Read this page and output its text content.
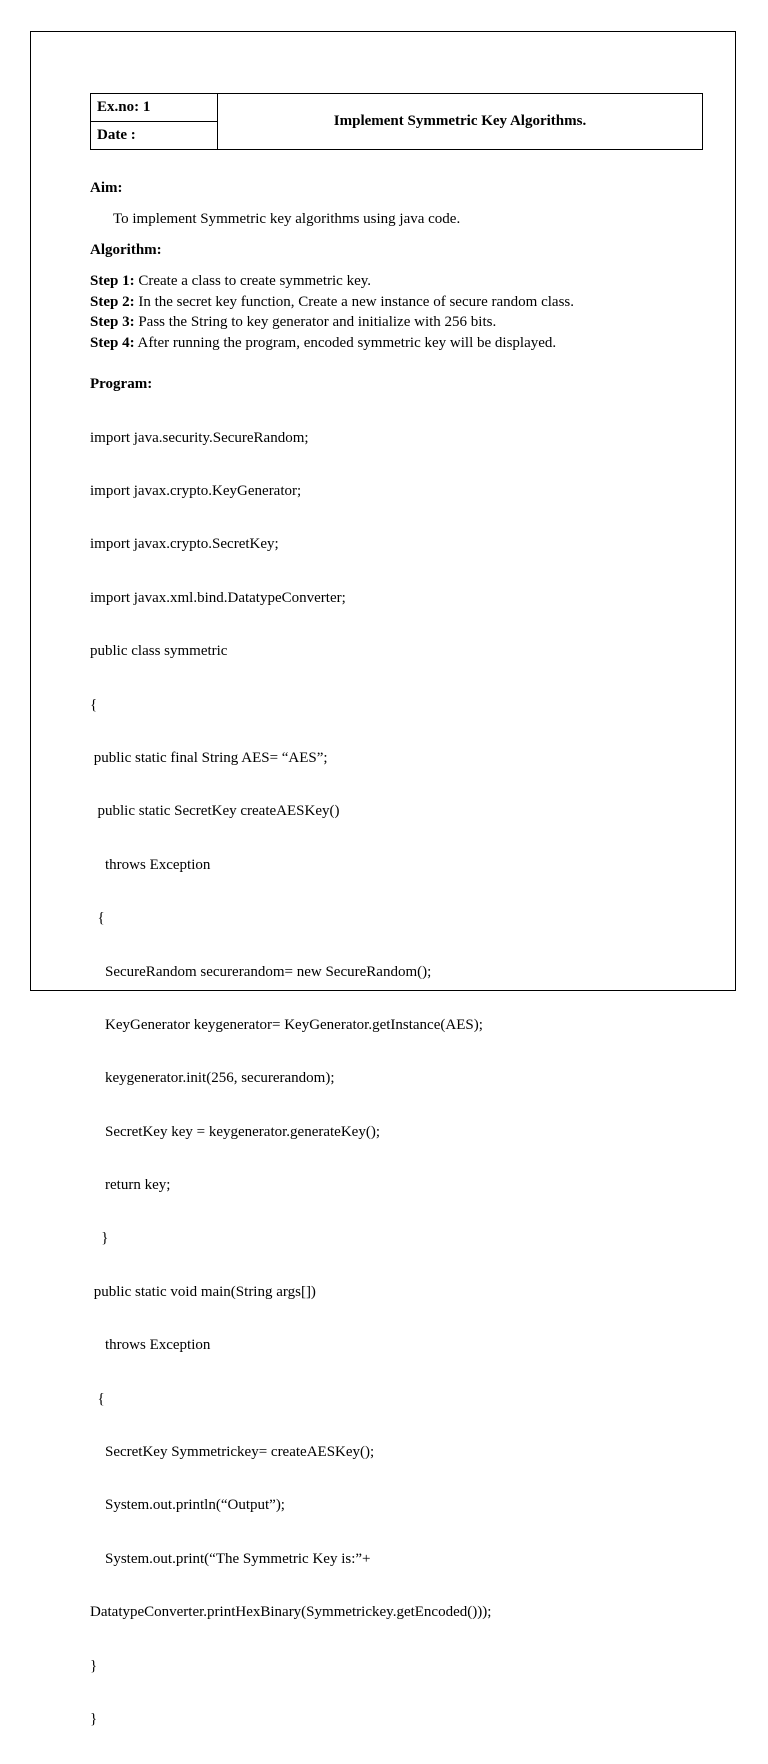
Ex.no: 1	Implement Symmetric Key Algorithms.
Date :

Aim:

To implement Symmetric key algorithms using java code.

Algorithm:

Step 1: Create a class to create symmetric key.
Step 2: In the secret key function, Create a new instance of secure random class.
Step 3: Pass the String to key generator and initialize with 256 bits.
Step 4: After running the program, encoded symmetric key will be displayed.

Program:

import java.security.SecureRandom;

import javax.crypto.KeyGenerator;

import javax.crypto.SecretKey;

import javax.xml.bind.DatatypeConverter;

public class symmetric

{

public static final String AES= “AES”;

public static SecretKey createAESKey()

throws Exception

{

SecureRandom securerandom= new SecureRandom();

KeyGenerator keygenerator= KeyGenerator.getInstance(AES);

keygenerator.init(256, securerandom);

SecretKey key = keygenerator.generateKey();

return key;

}

public static void main(String args[])

throws Exception

{

SecretKey Symmetrickey= createAESKey();

System.out.println(“Output”);

System.out.print(“The Symmetric Key is:”+

DatatypeConverter.printHexBinary(Symmetrickey.getEncoded()));

}

}
